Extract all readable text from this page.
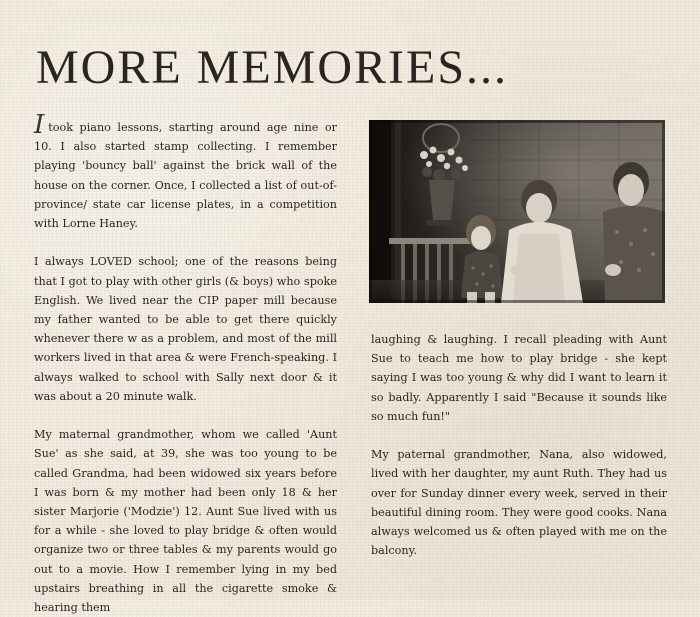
MORE MEMORIES...

Itook piano lessons, starting around age nine or 10. I also started stamp collecting. I remember playing 'bouncy ball' against the brick wall of the house on the corner. Once, I collected a list of out-of-province/ state car license plates, in a competition with Lorne Haney.

I always LOVED school; one of the reasons being that I got to play with other girls (& boys) who spoke English. We lived near the CIP paper mill because my father wanted to be able to get there quickly whenever there w as a problem, and most of the mill workers lived in that area & were French-speaking. I always walked to school with Sally next door & it was about a 20 minute walk.

My maternal grandmother, whom we called 'Aunt Sue' as she said, at 39, she was too young to be called Grandma, had been widowed six years before I was born & my mother had been only 18 & her sister Marjorie ('Modzie') 12. Aunt Sue lived with us for a while - she loved to play bridge & often would organize two or three tables & my parents would go out to a movie. How I remember lying in my bed upstairs breathing in all the cigarette smoke & hearing them

laughing & laughing. I recall pleading with Aunt Sue to teach me how to play bridge - she kept saying I was too young & why did I want to learn it so badly. Apparently I said "Because it sounds like so much fun!"

My paternal grandmother, Nana, also widowed, lived with her daughter, my aunt Ruth. They had us over for Sunday dinner every week, served in their beautiful dining room. They were good cooks. Nana always welcomed us & often played with me on the balcony.
